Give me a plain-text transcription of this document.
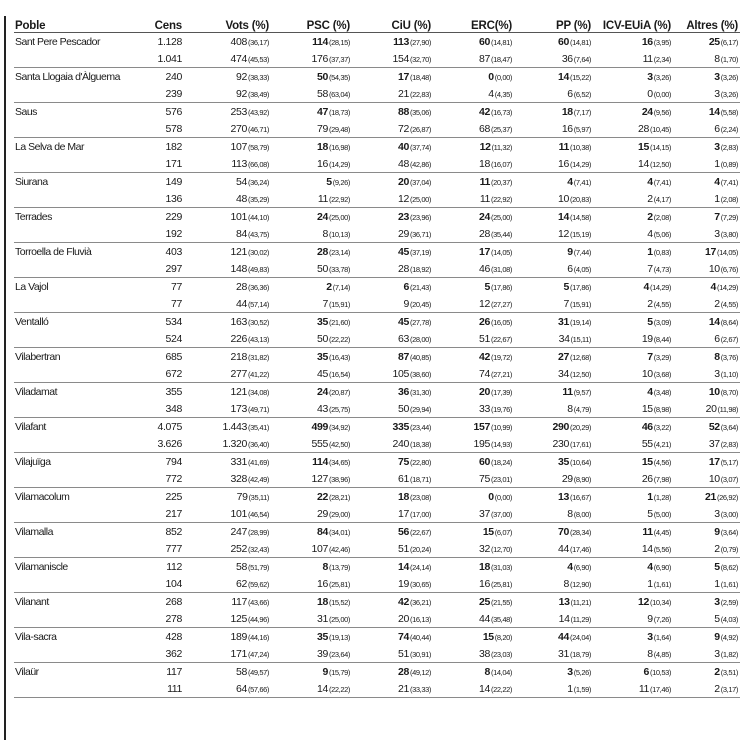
Poble	Cens	Vots (%)	PSC (%)	CiU (%)	ERC(%)	PP (%)	ICV-EUiA (%)	Altres (%)
Sant Pere Pescador	1.128	408(36,17)	114(28,15)	113(27,90)	60(14,81)	60(14,81)	16(3,95)	25(6,17)
	1.041	474(45,53)	176(37,37)	154(32,70)	87(18,47)	36(7,64)	11(2,34)	8(1,70)
Santa Llogaia d'Àlguema	240	92(38,33)	50(54,35)	17(18,48)	0(0,00)	14(15,22)	3(3,26)	3(3,26)
	239	92(38,49)	58(63,04)	21(22,83)	4(4,35)	6(6,52)	0(0,00)	3(3,26)
Saus	576	253(43,92)	47(18,73)	88(35,06)	42(16,73)	18(7,17)	24(9,56)	14(5,58)
	578	270(46,71)	79(29,48)	72(26,87)	68(25,37)	16(5,97)	28(10,45)	6(2,24)
La Selva de Mar	182	107(58,79)	18(16,98)	40(37,74)	12(11,32)	11(10,38)	15(14,15)	3(2,83)
	171	113(66,08)	16(14,29)	48(42,86)	18(16,07)	16(14,29)	14(12,50)	1(0,89)
Siurana	149	54(36,24)	5(9,26)	20(37,04)	11(20,37)	4(7,41)	4(7,41)	4(7,41)
	136	48(35,29)	11(22,92)	12(25,00)	11(22,92)	10(20,83)	2(4,17)	1(2,08)
Terrades	229	101(44,10)	24(25,00)	23(23,96)	24(25,00)	14(14,58)	2(2,08)	7(7,29)
	192	84(43,75)	8(10,13)	29(36,71)	28(35,44)	12(15,19)	4(5,06)	3(3,80)
Torroella de Fluvià	403	121(30,02)	28(23,14)	45(37,19)	17(14,05)	9(7,44)	1(0,83)	17(14,05)
	297	148(49,83)	50(33,78)	28(18,92)	46(31,08)	6(4,05)	7(4,73)	10(6,76)
La Vajol	77	28(36,36)	2(7,14)	6(21,43)	5(17,86)	5(17,86)	4(14,29)	4(14,29)
	77	44(57,14)	7(15,91)	9(20,45)	12(27,27)	7(15,91)	2(4,55)	2(4,55)
Ventalló	534	163(30,52)	35(21,60)	45(27,78)	26(16,05)	31(19,14)	5(3,09)	14(8,64)
	524	226(43,13)	50(22,22)	63(28,00)	51(22,67)	34(15,11)	19(8,44)	6(2,67)
Vilabertran	685	218(31,82)	35(16,43)	87(40,85)	42(19,72)	27(12,68)	7(3,29)	8(3,76)
	672	277(41,22)	45(16,54)	105(38,60)	74(27,21)	34(12,50)	10(3,68)	3(1,10)
Viladamat	355	121(34,08)	24(20,87)	36(31,30)	20(17,39)	11(9,57)	4(3,48)	10(8,70)
	348	173(49,71)	43(25,75)	50(29,94)	33(19,76)	8(4,79)	15(8,98)	20(11,98)
Vilafant	4.075	1.443(35,41)	499(34,92)	335(23,44)	157(10,99)	290(20,29)	46(3,22)	52(3,64)
	3.626	1.320(36,40)	555(42,50)	240(18,38)	195(14,93)	230(17,61)	55(4,21)	37(2,83)
Vilajuïga	794	331(41,69)	114(34,65)	75(22,80)	60(18,24)	35(10,64)	15(4,56)	17(5,17)
	772	328(42,49)	127(38,96)	61(18,71)	75(23,01)	29(8,90)	26(7,98)	10(3,07)
Vilamacolum	225	79(35,11)	22(28,21)	18(23,08)	0(0,00)	13(16,67)	1(1,28)	21(26,92)
	217	101(46,54)	29(29,00)	17(17,00)	37(37,00)	8(8,00)	5(5,00)	3(3,00)
Vilamalla	852	247(28,99)	84(34,01)	56(22,67)	15(6,07)	70(28,34)	11(4,45)	9(3,64)
	777	252(32,43)	107(42,46)	51(20,24)	32(12,70)	44(17,46)	14(5,56)	2(0,79)
Vilamaniscle	112	58(51,79)	8(13,79)	14(24,14)	18(31,03)	4(6,90)	4(6,90)	5(8,62)
	104	62(59,62)	16(25,81)	19(30,65)	16(25,81)	8(12,90)	1(1,61)	1(1,61)
Vilanant	268	117(43,66)	18(15,52)	42(36,21)	25(21,55)	13(11,21)	12(10,34)	3(2,59)
	278	125(44,96)	31(25,00)	20(16,13)	44(35,48)	14(11,29)	9(7,26)	5(4,03)
Vila-sacra	428	189(44,16)	35(19,13)	74(40,44)	15(8,20)	44(24,04)	3(1,64)	9(4,92)
	362	171(47,24)	39(23,64)	51(30,91)	38(23,03)	31(18,79)	8(4,85)	3(1,82)
Vilaür	117	58(49,57)	9(15,79)	28(49,12)	8(14,04)	3(5,26)	6(10,53)	2(3,51)
	111	64(57,66)	14(22,22)	21(33,33)	14(22,22)	1(1,59)	11(17,46)	2(3,17)
